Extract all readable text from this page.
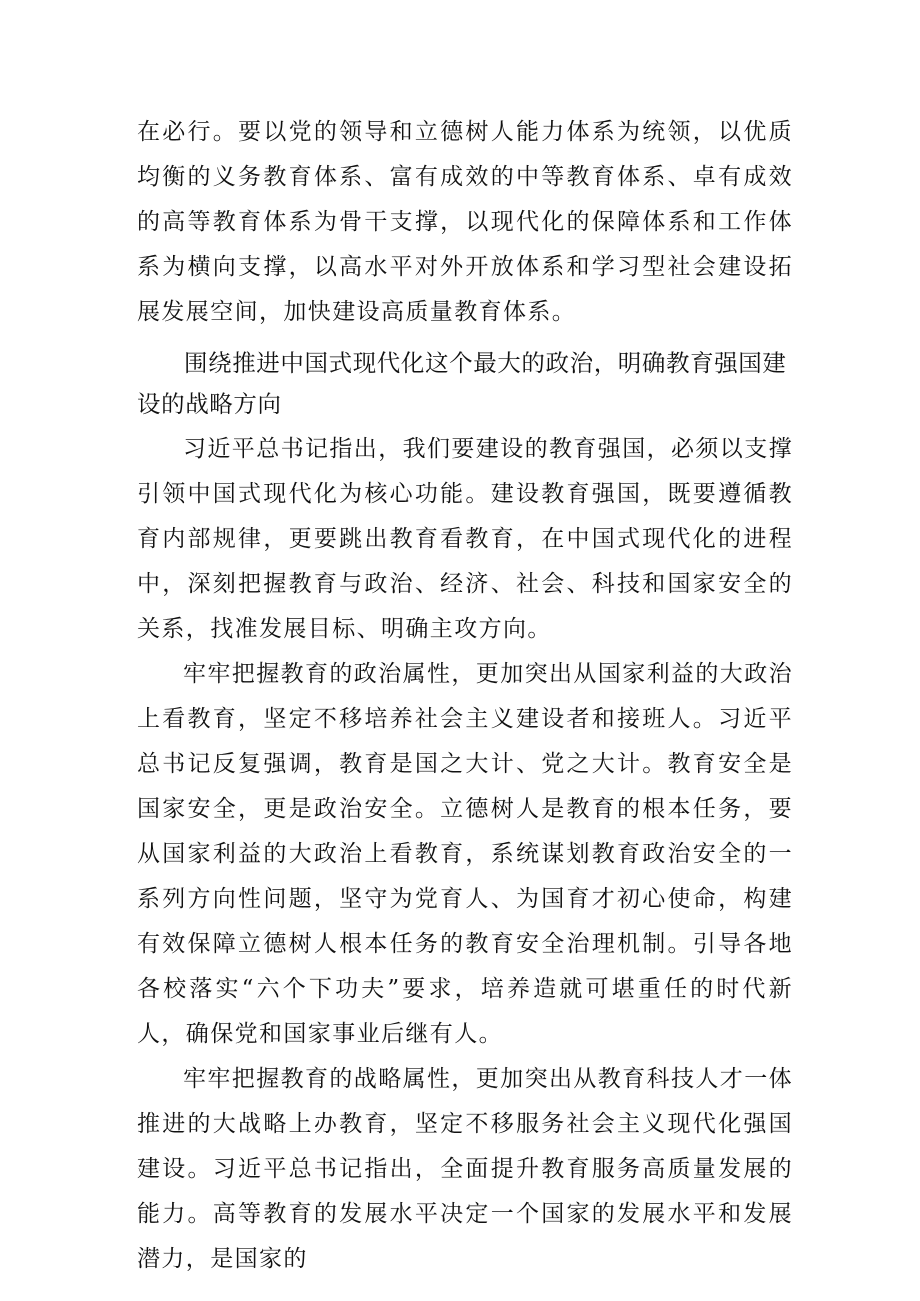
在必行。要以党的领导和立德树人能力体系为统领，以优质均衡的义务教育体系、富有成效的中等教育体系、卓有成效的高等教育体系为骨干支撑，以现代化的保障体系和工作体系为横向支撑，以高水平对外开放体系和学习型社会建设拓展发展空间，加快建设高质量教育体系。

围绕推进中国式现代化这个最大的政治，明确教育强国建设的战略方向

习近平总书记指出，我们要建设的教育强国，必须以支撑引领中国式现代化为核心功能。建设教育强国，既要遵循教育内部规律，更要跳出教育看教育，在中国式现代化的进程中，深刻把握教育与政治、经济、社会、科技和国家安全的关系，找准发展目标、明确主攻方向。

牢牢把握教育的政治属性，更加突出从国家利益的大政治上看教育，坚定不移培养社会主义建设者和接班人。习近平总书记反复强调，教育是国之大计、党之大计。教育安全是国家安全，更是政治安全。立德树人是教育的根本任务，要从国家利益的大政治上看教育，系统谋划教育政治安全的一系列方向性问题，坚守为党育人、为国育才初心使命，构建有效保障立德树人根本任务的教育安全治理机制。引导各地各校落实“六个下功夫”要求，培养造就可堪重任的时代新人，确保党和国家事业后继有人。

牢牢把握教育的战略属性，更加突出从教育科技人才一体推进的大战略上办教育，坚定不移服务社会主义现代化强国建设。习近平总书记指出，全面提升教育服务高质量发展的能力。高等教育的发展水平决定一个国家的发展水平和发展潜力，是国家的
